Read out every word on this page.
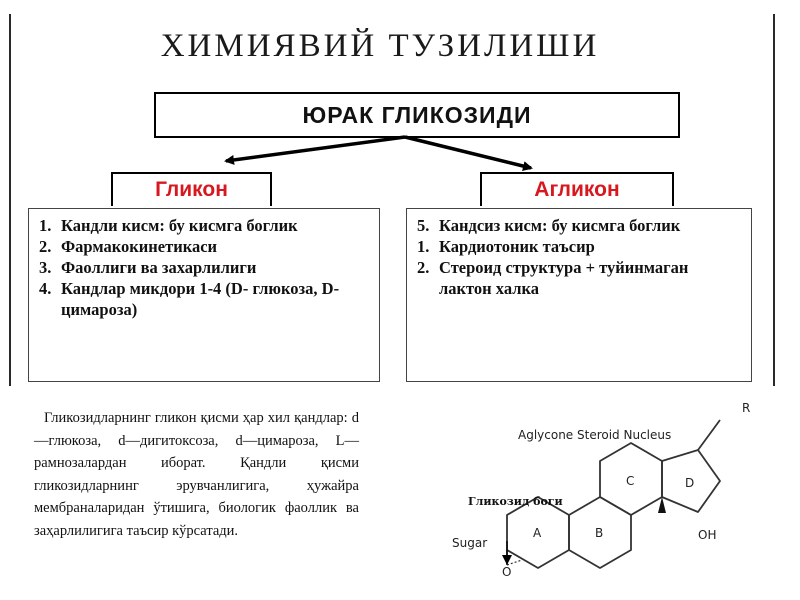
ХИМИЯВИЙ ТУЗИЛИШИ
ЮРАК ГЛИКОЗИДИ
Гликон	Агликон
1. Кандли кисм: бу кисмга боглик
2. Фармакокинетикаси
3. Фаоллиги ва захарлилиги
4. Кандлар микдори 1-4 (D- глюкоза, D- цимароза)
5. Кандсиз кисм: бу кисмга боглик
1. Кардиотоник таъсир
2. Стероид структура + туйинмаган лактон халка
Гликозидларнинг гликон қисми ҳар хил қандлар: d—глюкоза, d—дигитоксоза, d—цимароза, L—рамнозалардан иборат. Қандли қисми гликозидларнинг эрувчанлигига, ҳужайра мембраналаридан ўтишига, биологик фаоллик ва заҳарлилигига таъсир кўрсатади.
Aglycone Steroid Nucleus
R
OH
Sugar
O
A	B
C	D
Гликозид боги
